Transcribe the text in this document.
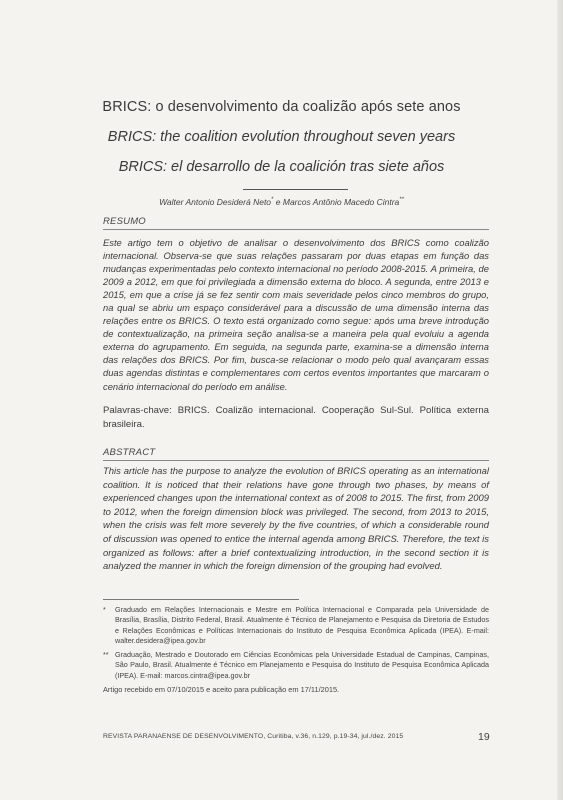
BRICS: o desenvolvimento da coalizão após sete anos
BRICS: the coalition evolution throughout seven years
BRICS: el desarrollo de la coalición tras siete años
Walter Antonio Desiderá Neto* e Marcos Antônio Macedo Cintra**
RESUMO
Este artigo tem o objetivo de analisar o desenvolvimento dos BRICS como coalizão internacional. Observa-se que suas relações passaram por duas etapas em função das mudanças experimentadas pelo contexto internacional no período 2008-2015. A primeira, de 2009 a 2012, em que foi privilegiada a dimensão externa do bloco. A segunda, entre 2013 e 2015, em que a crise já se fez sentir com mais severidade pelos cinco membros do grupo, na qual se abriu um espaço considerável para a discussão de uma dimensão interna das relações entre os BRICS. O texto está organizado como segue: após uma breve introdução de contextualização, na primeira seção analisa-se a maneira pela qual evoluiu a agenda externa do agrupamento. Em seguida, na segunda parte, examina-se a dimensão interna das relações dos BRICS. Por fim, busca-se relacionar o modo pelo qual avançaram essas duas agendas distintas e complementares com certos eventos importantes que marcaram o cenário internacional do período em análise.
Palavras-chave: BRICS. Coalizão internacional. Cooperação Sul-Sul. Política externa brasileira.
ABSTRACT
This article has the purpose to analyze the evolution of BRICS operating as an international coalition. It is noticed that their relations have gone through two phases, by means of experienced changes upon the international context as of 2008 to 2015. The first, from 2009 to 2012, when the foreign dimension block was privileged. The second, from 2013 to 2015, when the crisis was felt more severely by the five countries, of which a considerable round of discussion was opened to entice the internal agenda among BRICS. Therefore, the text is organized as follows: after a brief contextualizing introduction, in the second section it is analyzed the manner in which the foreign dimension of the grouping had evolved.
* Graduado em Relações Internacionais e Mestre em Política Internacional e Comparada pela Universidade de Brasília, Brasília, Distrito Federal, Brasil. Atualmente é Técnico de Planejamento e Pesquisa da Diretoria de Estudos e Relações Econômicas e Políticas Internacionais do Instituto de Pesquisa Econômica Aplicada (IPEA). E-mail: walter.desidera@ipea.gov.br
** Graduação, Mestrado e Doutorado em Ciências Econômicas pela Universidade Estadual de Campinas, Campinas, São Paulo, Brasil. Atualmente é Técnico em Planejamento e Pesquisa do Instituto de Pesquisa Econômica Aplicada (IPEA). E-mail: marcos.cintra@ipea.gov.br
Artigo recebido em 07/10/2015 e aceito para publicação em 17/11/2015.
REVISTA PARANAENSE DE DESENVOLVIMENTO, Curitiba, v.36, n.129, p.19-34, jul./dez. 2015	19
